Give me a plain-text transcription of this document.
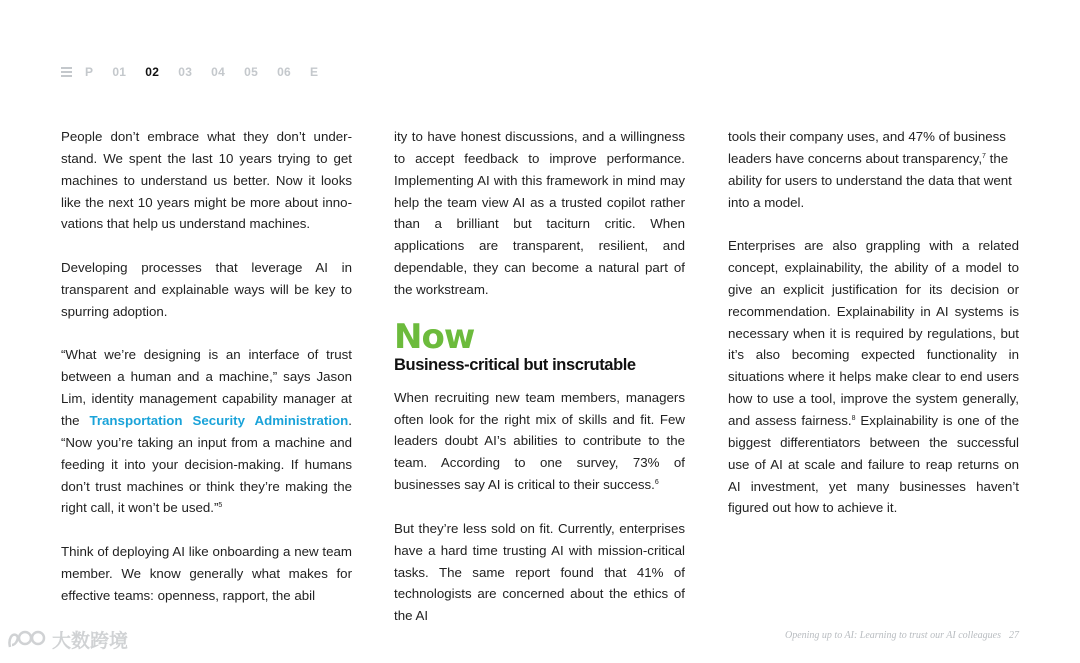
P 01 02 03 04 05 06 E

People don’t embrace what they don’t understand. We spent the last 10 years trying to get machines to understand us better. Now it looks like the next 10 years might be more about innovations that help us understand machines.

Developing processes that leverage AI in transparent and explainable ways will be key to spurring adoption.

“What we’re designing is an interface of trust between a human and a machine,” says Jason Lim, identity management capability manager at the Transportation Security Administration. “Now you’re taking an input from a machine and feeding it into your decision-making. If humans don’t trust machines or think they’re making the right call, it won’t be used.”$^5$

Think of deploying AI like onboarding a new team member. We know generally what makes for effective teams: openness, rapport, the abil

ity to have honest discussions, and a willingness to accept feedback to improve performance. Implementing AI with this framework in mind may help the team view AI as a trusted copilot rather than a brilliant but taciturn critic. When applications are transparent, resilient, and dependable, they can become a natural part of the workstream.

Now
Business-critical but inscrutable

When recruiting new team members, managers often look for the right mix of skills and fit. Few leaders doubt AI’s abilities to contribute to the team. According to one survey, 73% of businesses say AI is critical to their success.$^6$

But they’re less sold on fit. Currently, enterprises have a hard time trusting AI with mission-critical tasks. The same report found that 41% of technologists are concerned about the ethics of the AI

tools their company uses, and 47% of business leaders have concerns about transparency,$^7$ the ability for users to understand the data that went into a model.

Enterprises are also grappling with a related concept, explainability, the ability of a model to give an explicit justification for its decision or recommendation. Explainability in AI systems is necessary when it is required by regulations, but it’s also becoming expected functionality in situations where it helps make clear to end users how to use a tool, improve the system generally, and assess fairness.$^8$ Explainability is one of the biggest differentiators between the successful use of AI at scale and failure to reap returns on AI investment, yet many businesses haven’t figured out how to achieve it.

Opening up to AI: Learning to trust our AI colleagues 27
大数跨境
